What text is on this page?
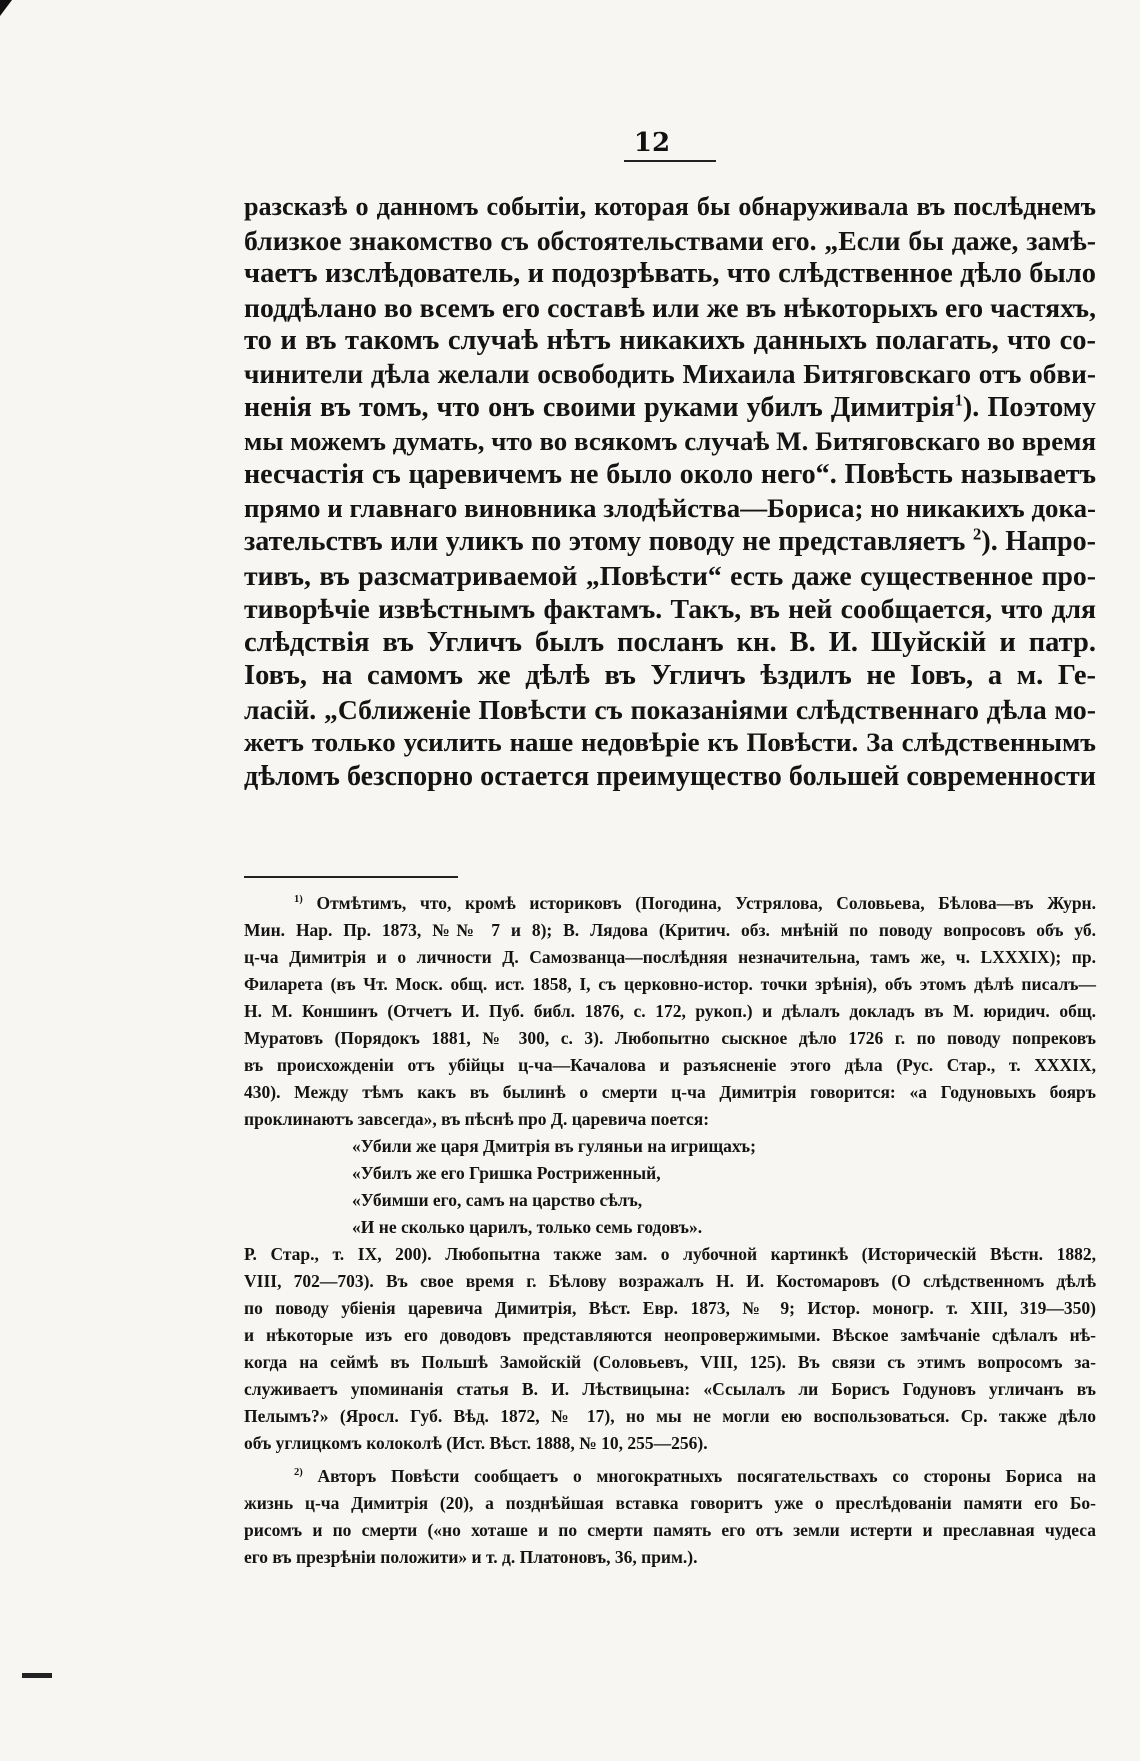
12
разсказѣ о данномъ событіи, которая бы обнаруживала въ послѣднемъ
близкое знакомство съ обстоятельствами его. „Если бы даже, замѣ-
чаетъ изслѣдователь, и подозрѣвать, что слѣдственное дѣло было
поддѣлано во всемъ его составѣ или же въ нѣкоторыхъ его частяхъ,
то и въ такомъ случаѣ нѣтъ никакихъ данныхъ полагать, что со-
чинители дѣла желали освободить Михаила Битяговскаго отъ обви-
ненія въ томъ, что онъ своими руками убилъ Димитрія$^1$). Поэтому
мы можемъ думать, что во всякомъ случаѣ М. Битяговскаго во время
несчастія съ царевичемъ не было около него“. Повѣсть называетъ
прямо и главнаго виновника злодѣйства—Бориса; но никакихъ дока-
зательствъ или уликъ по этому поводу не представляетъ $^2$). Напро-
тивъ, въ разсматриваемой „Повѣсти“ есть даже существенное про-
тиворѣчіе извѣстнымъ фактамъ. Такъ, въ ней сообщается, что для
слѣдствія въ Угличъ былъ посланъ кн. В. И. Шуйскій и патр.
Іовъ, на самомъ же дѣлѣ въ Угличъ ѣздилъ не Іовъ, а м. Ге-
ласій. „Сближеніе Повѣсти съ показаніями слѣдственнаго дѣла мо-
жетъ только усилить наше недовѣріе къ Повѣсти. За слѣдственнымъ
дѣломъ безспорно остается преимущество большей современности
$^{1)}$ Отмѣтимъ, что, кромѣ историковъ (Погодина, Устрялова, Соловьева, Бѣлова—въ Журн.
Мин. Нар. Пр. 1873, №№ 7 и 8); В. Лядова (Критич. обз. мнѣній по поводу вопросовъ объ уб.
ц-ча Димитрія и о личности Д. Самозванца—послѣдняя незначительна, тамъ же, ч. LXXXIX); пр.
Филарета (въ Чт. Моск. общ. ист. 1858, I, съ церковно-истор. точки зрѣнія), объ этомъ дѣлѣ писалъ—
Н. М. Коншинъ (Отчетъ И. Пуб. библ. 1876, с. 172, рукоп.) и дѣлалъ докладъ въ М. юридич. общ.
Муратовъ (Порядокъ 1881, № 300, с. 3). Любопытно сыскное дѣло 1726 г. по поводу попрековъ
въ происхожденіи отъ убійцы ц-ча—Качалова и разъясненіе этого дѣла (Рус. Стар., т. XXXIX,
430). Между тѣмъ какъ въ былинѣ о смерти ц-ча Димитрія говорится: «а Годуновыхъ бояръ
проклинаютъ завсегда», въ пѣснѣ про Д. царевича поется:
«Убили же царя Дмитрія въ гуляньи на игрищахъ;
«Убилъ же его Гришка Ростриженный,
«Убимши его, самъ на царство сѣлъ,
«И не сколько царилъ, только семь годовъ».
Р. Стар., т. IX, 200). Любопытна также зам. о лубочной картинкѣ (Историческій Вѣстн. 1882,
VIII, 702—703). Въ свое время г. Бѣлову возражалъ Н. И. Костомаровъ (О слѣдственномъ дѣлѣ
по поводу убіенія царевича Димитрія, Вѣст. Евр. 1873, № 9; Истор. моногр. т. XIII, 319—350)
и нѣкоторые изъ его доводовъ представляются неопровержимыми. Вѣское замѣчаніе сдѣлалъ нѣ-
когда на сеймѣ въ Польшѣ Замойскій (Соловьевъ, VIII, 125). Въ связи съ этимъ вопросомъ за-
служиваетъ упоминанія статья В. И. Лѣствицына: «Ссылалъ ли Борисъ Годуновъ угличанъ въ
Пелымъ?» (Яросл. Губ. Вѣд. 1872, № 17), но мы не могли ею воспользоваться. Ср. также дѣло
объ углицкомъ колоколѣ (Ист. Вѣст. 1888, № 10, 255—256).
$^{2)}$ Авторъ Повѣсти сообщаетъ о многократныхъ посягательствахъ со стороны Бориса на
жизнь ц-ча Димитрія (20), а позднѣйшая вставка говоритъ уже о преслѣдованіи памяти его Бо-
рисомъ и по смерти («но хоташе и по смерти память его отъ земли истерти и преславная чудеса
его въ презрѣніи положити» и т. д. Платоновъ, 36, прим.).
